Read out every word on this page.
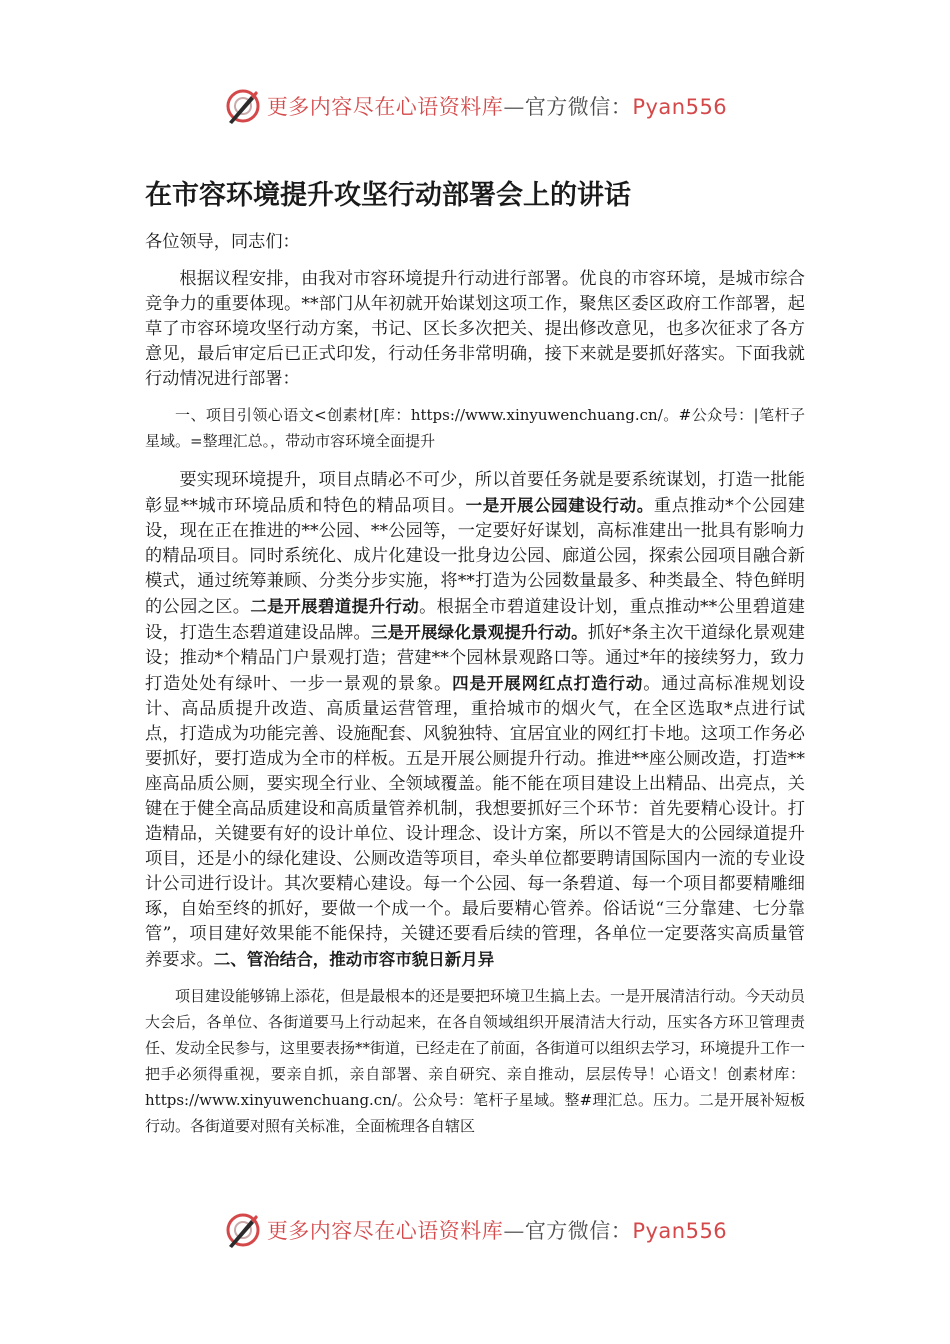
更多内容尽在心语资料库—官方微信：Pyan556
在市容环境提升攻坚行动部署会上的讲话

各位领导，同志们：

根据议程安排，由我对市容环境提升行动进行部署。优良的市容环境，是城市综合竞争力的重要体现。**部门从年初就开始谋划这项工作，聚焦区委区政府工作部署，起草了市容环境攻坚行动方案，书记、区长多次把关、提出修改意见，也多次征求了各方意见，最后审定后已正式印发，行动任务非常明确，接下来就是要抓好落实。下面我就行动情况进行部署：

一、项目引领心语文<创素材[库：https://www.xinyuwenchuang.cn/。#公众号：|笔杆子星域。=整理汇总。，带动市容环境全面提升

要实现环境提升，项目点睛必不可少，所以首要任务就是要系统谋划，打造一批能彰显**城市环境品质和特色的精品项目。一是开展公园建设行动。重点推动*个公园建设，现在正在推进的**公园、**公园等，一定要好好谋划，高标准建出一批具有影响力的精品项目。同时系统化、成片化建设一批身边公园、廊道公园，探索公园项目融合新模式，通过统筹兼顾、分类分步实施，将**打造为公园数量最多、种类最全、特色鲜明的公园之区。二是开展碧道提升行动。根据全市碧道建设计划，重点推动**公里碧道建设，打造生态碧道建设品牌。三是开展绿化景观提升行动。抓好*条主次干道绿化景观建设；推动*个精品门户景观打造；营建**个园林景观路口等。通过*年的接续努力，致力打造处处有绿叶、一步一景观的景象。四是开展网红点打造行动。通过高标准规划设计、高品质提升改造、高质量运营管理，重拾城市的烟火气，在全区选取*点进行试点，打造成为功能完善、设施配套、风貌独特、宜居宜业的网红打卡地。这项工作务必要抓好，要打造成为全市的样板。五是开展公厕提升行动。推进**座公厕改造，打造**座高品质公厕，要实现全行业、全领域覆盖。能不能在项目建设上出精品、出亮点，关键在于健全高品质建设和高质量管养机制，我想要抓好三个环节：首先要精心设计。打造精品，关键要有好的设计单位、设计理念、设计方案，所以不管是大的公园绿道提升项目，还是小的绿化建设、公厕改造等项目，牵头单位都要聘请国际国内一流的专业设计公司进行设计。其次要精心建设。每一个公园、每一条碧道、每一个项目都要精雕细琢，自始至终的抓好，要做一个成一个。最后要精心管养。俗话说“三分靠建、七分靠管”，项目建好效果能不能保持，关键还要看后续的管理，各单位一定要落实高质量管养要求。二、管治结合，推动市容市貌日新月异

项目建设能够锦上添花，但是最根本的还是要把环境卫生搞上去。一是开展清洁行动。今天动员大会后，各单位、各街道要马上行动起来，在各自领域组织开展清洁大行动，压实各方环卫管理责任、发动全民参与，这里要表扬**街道，已经走在了前面，各街道可以组织去学习，环境提升工作一把手必须得重视，要亲自抓，亲自部署、亲自研究、亲自推动，层层传导！心语文！创素材库：https://www.xinyuwenchuang.cn/。公众号：笔杆子星域。整#理汇总。压力。二是开展补短板行动。各街道要对照有关标准，全面梳理各自辖区

更多内容尽在心语资料库—官方微信：Pyan556
